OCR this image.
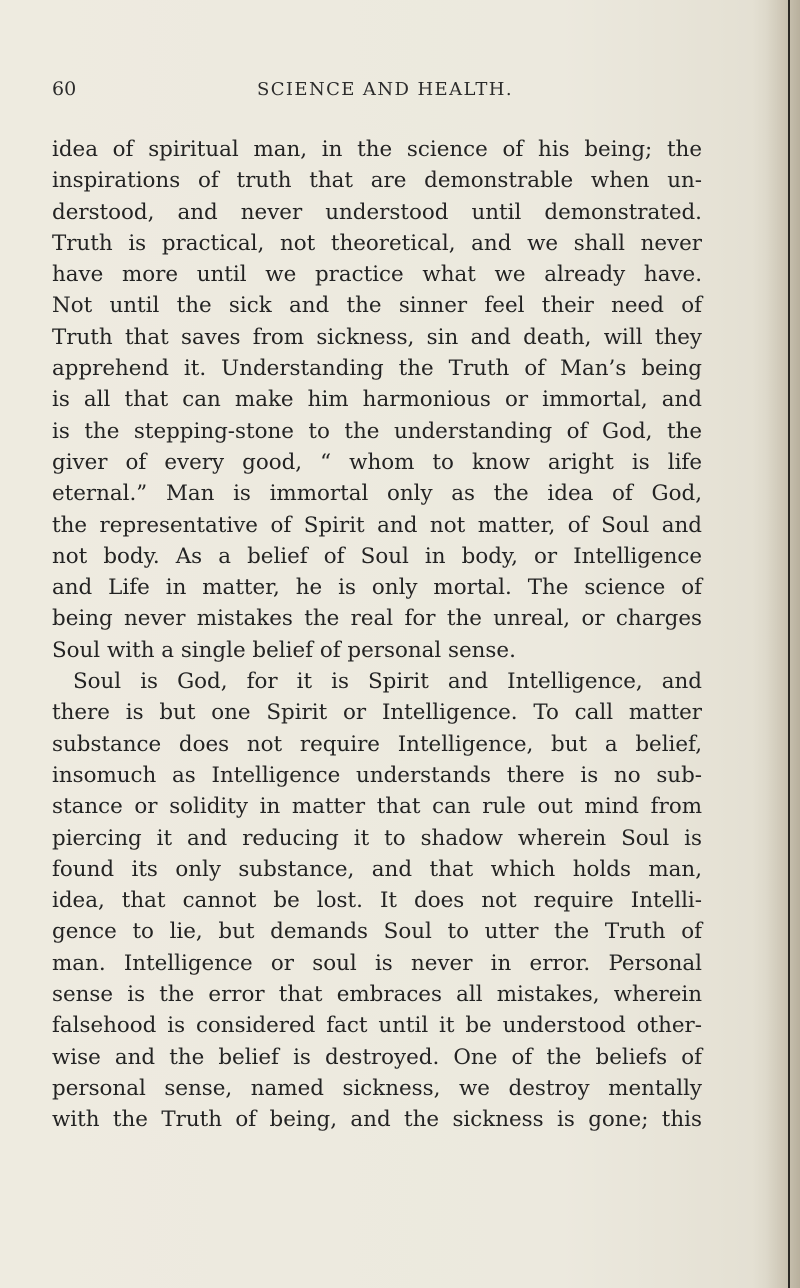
60	SCIENCE AND HEALTH.
idea of spiritual man, in the science of his being; the
inspirations of truth that are demonstrable when un-
derstood, and never understood until demonstrated.
Truth is practical, not theoretical, and we shall never
have more until we practice what we already have.
Not until the sick and the sinner feel their need of
Truth that saves from sickness, sin and death, will they
apprehend it. Understanding the Truth of Man’s being
is all that can make him harmonious or immortal, and
is the stepping-stone to the understanding of God, the
giver of every good, “ whom to know aright is life
eternal.” Man is immortal only as the idea of God,
the representative of Spirit and not matter, of Soul and
not body. As a belief of Soul in body, or Intelligence
and Life in matter, he is only mortal. The science of
being never mistakes the real for the unreal, or charges
Soul with a single belief of personal sense.
Soul is God, for it is Spirit and Intelligence, and
there is but one Spirit or Intelligence. To call matter
substance does not require Intelligence, but a belief,
insomuch as Intelligence understands there is no sub-
stance or solidity in matter that can rule out mind from
piercing it and reducing it to shadow wherein Soul is
found its only substance, and that which holds man,
idea, that cannot be lost. It does not require Intelli-
gence to lie, but demands Soul to utter the Truth of
man. Intelligence or soul is never in error. Personal
sense is the error that embraces all mistakes, wherein
falsehood is considered fact until it be understood other-
wise and the belief is destroyed. One of the beliefs of
personal sense, named sickness, we destroy mentally
with the Truth of being, and the sickness is gone; this
